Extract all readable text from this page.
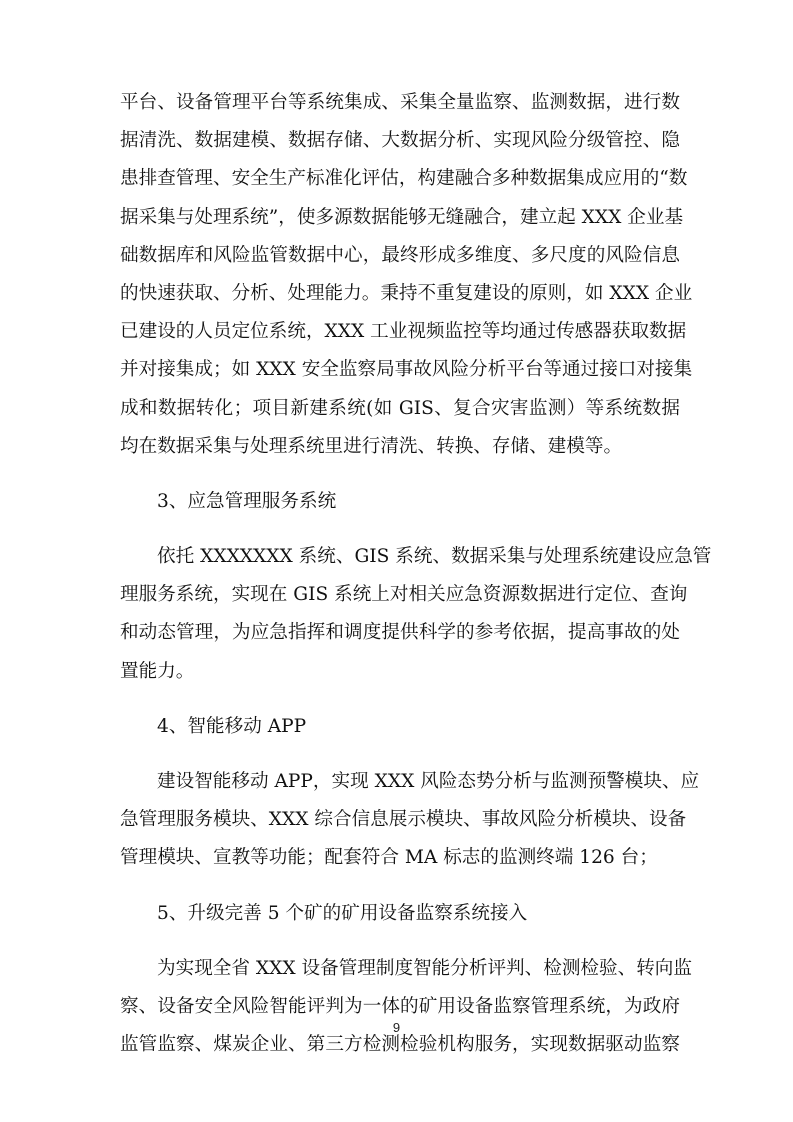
平台、设备管理平台等系统集成、采集全量监察、监测数据，进行数
据清洗、数据建模、数据存储、大数据分析、实现风险分级管控、隐
患排查管理、安全生产标准化评估，构建融合多种数据集成应用的“数
据采集与处理系统”，使多源数据能够无缝融合，建立起 XXX 企业基
础数据库和风险监管数据中心，最终形成多维度、多尺度的风险信息
的快速获取、分析、处理能力。秉持不重复建设的原则，如 XXX 企业
已建设的人员定位系统，XXX 工业视频监控等均通过传感器获取数据
并对接集成；如 XXX 安全监察局事故风险分析平台等通过接口对接集
成和数据转化；项目新建系统(如 GIS、复合灾害监测）等系统数据
均在数据采集与处理系统里进行清洗、转换、存储、建模等。
3、应急管理服务系统
依托 XXXXXXX 系统、GIS 系统、数据采集与处理系统建设应急管
理服务系统，实现在 GIS 系统上对相关应急资源数据进行定位、查询
和动态管理，为应急指挥和调度提供科学的参考依据，提高事故的处
置能力。
4、智能移动 APP
建设智能移动 APP，实现 XXX 风险态势分析与监测预警模块、应
急管理服务模块、XXX 综合信息展示模块、事故风险分析模块、设备
管理模块、宣教等功能；配套符合 MA 标志的监测终端 126 台；
5、升级完善 5 个矿的矿用设备监察系统接入
为实现全省 XXX 设备管理制度智能分析评判、检测检验、转向监
察、设备安全风险智能评判为一体的矿用设备监察管理系统，为政府
监管监察、煤炭企业、第三方检测检验机构服务，实现数据驱动监察
9
